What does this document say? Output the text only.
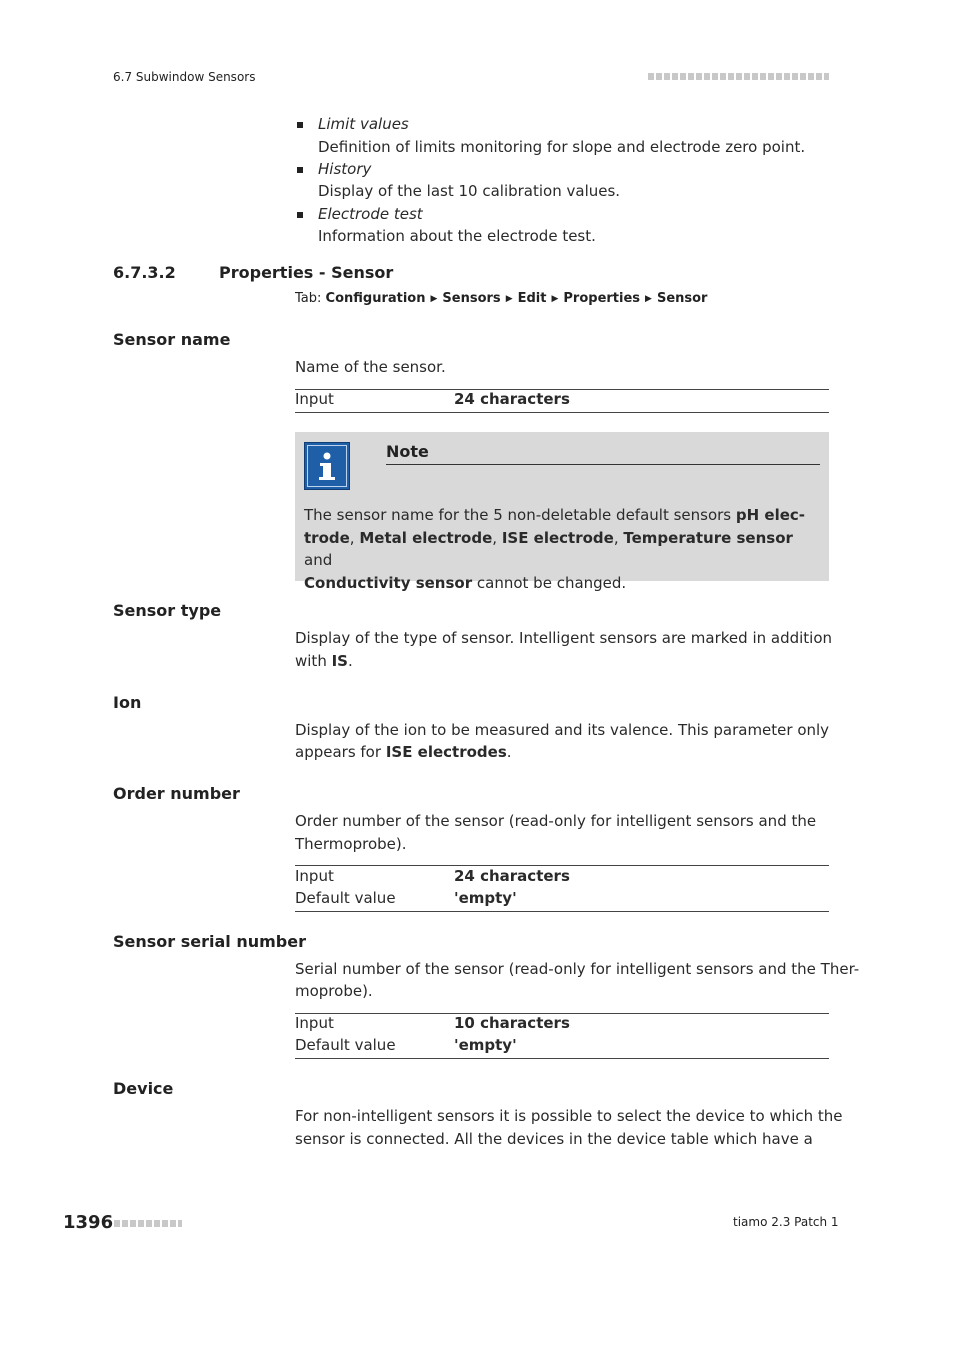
6.7 Subwindow Sensors
Limit values
Definition of limits monitoring for slope and electrode zero point.
History
Display of the last 10 calibration values.
Electrode test
Information about the electrode test.
6.7.3.2	Properties - Sensor
Tab: Configuration ▶ Sensors ▶ Edit ▶ Properties ▶ Sensor
Sensor name
Name of the sensor.
Input	24 characters
Note
The sensor name for the 5 non-deletable default sensors pH elec-
trode, Metal electrode, ISE electrode, Temperature sensor and
Conductivity sensor cannot be changed.
Sensor type
Display of the type of sensor. Intelligent sensors are marked in addition
with IS.
Ion
Display of the ion to be measured and its valence. This parameter only
appears for ISE electrodes.
Order number
Order number of the sensor (read-only for intelligent sensors and the
Thermoprobe).
Input	24 characters
Default value	'empty'
Sensor serial number
Serial number of the sensor (read-only for intelligent sensors and the Ther-
moprobe).
Input	10 characters
Default value	'empty'
Device
For non-intelligent sensors it is possible to select the device to which the
sensor is connected. All the devices in the device table which have a
1396	tiamo 2.3 Patch 1
